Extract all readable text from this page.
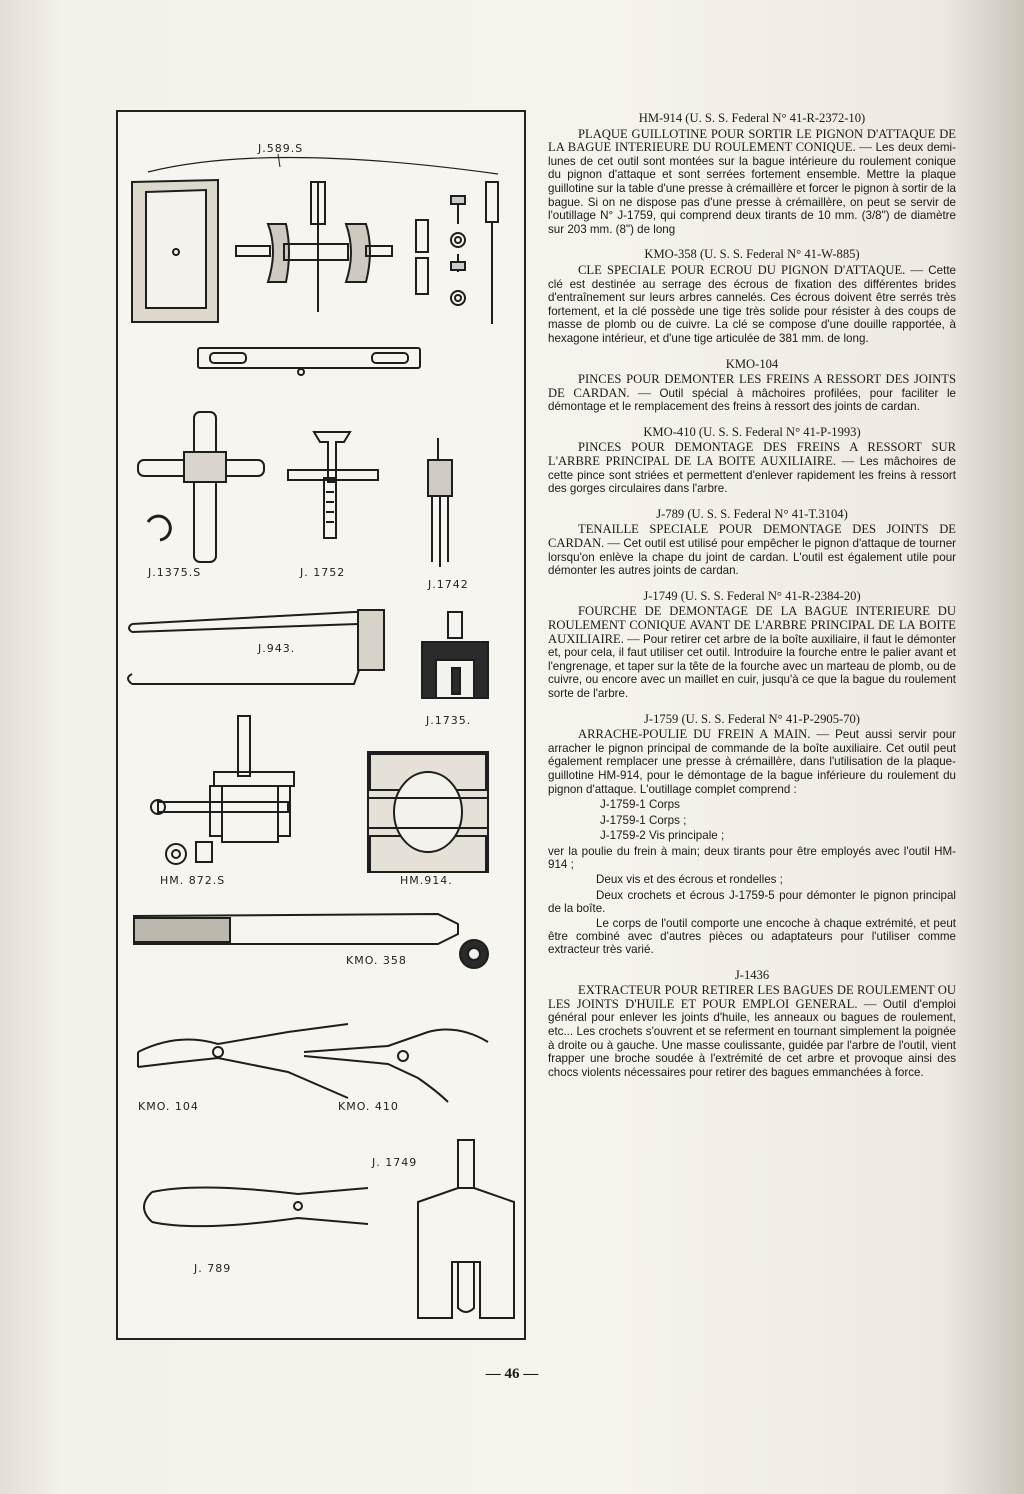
J.589.S
J.1375.S	J. 1752
J.1742
J.943.
J.1735.
HM. 872.S	HM.914.
KMO. 358
KMO. 104	KMO. 410
J. 1749
J. 789
HM-914 (U. S. S. Federal N° 41-R-2372-10)

PLAQUE GUILLOTINE POUR SORTIR LE PIGNON D'ATTAQUE DE LA BAGUE INTERIEURE DU ROULEMENT CONIQUE. — Les deux demi-lunes de cet outil sont montées sur la bague intérieure du roulement conique du pignon d'attaque et sont serrées fortement ensemble. Mettre la plaque guillotine sur la table d'une presse à crémaillère et forcer le pignon à sortir de la bague. Si on ne dispose pas d'une presse à crémaillère, on peut se servir de l'outillage N° J-1759, qui comprend deux tirants de 10 mm. (3/8") de diamètre sur 203 mm. (8") de long

KMO-358 (U. S. S. Federal N° 41-W-885)

CLE SPECIALE POUR ECROU DU PIGNON D'ATTAQUE. — Cette clé est destinée au serrage des écrous de fixation des différentes brides d'entraînement sur leurs arbres cannelés. Ces écrous doivent être serrés très fortement, et la clé possède une tige très solide pour résister à des coups de masse de plomb ou de cuivre. La clé se compose d'une douille rapportée, à hexagone intérieur, et d'une tige articulée de 381 mm. de long.

KMO-104

PINCES POUR DEMONTER LES FREINS A RESSORT DES JOINTS DE CARDAN. — Outil spécial à mâchoires profilées, pour faciliter le démontage et le remplacement des freins à ressort des joints de cardan.

KMO-410 (U. S. S. Federal N° 41-P-1993)

PINCES POUR DEMONTAGE DES FREINS A RESSORT SUR L'ARBRE PRINCIPAL DE LA BOITE AUXILIAIRE. — Les mâchoires de cette pince sont striées et permettent d'enlever rapidement les freins à ressort des gorges circulaires dans l'arbre.

J-789 (U. S. S. Federal N° 41-T.3104)

TENAILLE SPECIALE POUR DEMONTAGE DES JOINTS DE CARDAN. — Cet outil est utilisé pour empêcher le pignon d'attaque de tourner lorsqu'on enlève la chape du joint de cardan. L'outil est également utile pour démonter les autres joints de cardan.

J-1749 (U. S. S. Federal N° 41-R-2384-20)

FOURCHE DE DEMONTAGE DE LA BAGUE INTERIEURE DU ROULEMENT CONIQUE AVANT DE L'ARBRE PRINCIPAL DE LA BOITE AUXILIAIRE. — Pour retirer cet arbre de la boîte auxiliaire, il faut le démonter et, pour cela, il faut utiliser cet outil. Introduire la fourche entre le palier avant et l'engrenage, et taper sur la tête de la fourche avec un marteau de plomb, ou de cuivre, ou encore avec un maillet en cuir, jusqu'à ce que la bague du roulement sorte de l'arbre.

J-1759 (U. S. S. Federal N° 41-P-2905-70)

ARRACHE-POULIE DU FREIN A MAIN. — Peut aussi servir pour arracher le pignon principal de commande de la boîte auxiliaire. Cet outil peut également remplacer une presse à crémaillère, dans l'utilisation de la plaque-guillotine HM-914, pour le démontage de la bague inférieure du roulement du pignon d'attaque. L'outillage complet comprend :

J-1759-1 Corps
J-1759-1 Corps ;
J-1759-2 Vis principale ;

ver la poulie du frein à main; deux tirants pour être employés avec l'outil HM-914 ;

Deux vis et des écrous et rondelles ;

Deux crochets et écrous J-1759-5 pour démonter le pignon principal de la boîte.

Le corps de l'outil comporte une encoche à chaque extrémité, et peut être combiné avec d'autres pièces ou adaptateurs pour l'utiliser comme extracteur très varié.

J-1436

EXTRACTEUR POUR RETIRER LES BAGUES DE ROULEMENT OU LES JOINTS D'HUILE ET POUR EMPLOI GENERAL. — Outil d'emploi général pour enlever les joints d'huile, les anneaux ou bagues de roulement, etc... Les crochets s'ouvrent et se referment en tournant simplement la poignée à droite ou à gauche. Une masse coulissante, guidée par l'arbre de l'outil, vient frapper une broche soudée à l'extrémité de cet arbre et provoque ainsi des chocs violents nécessaires pour retirer des bagues emmanchées à force.

— 46 —
